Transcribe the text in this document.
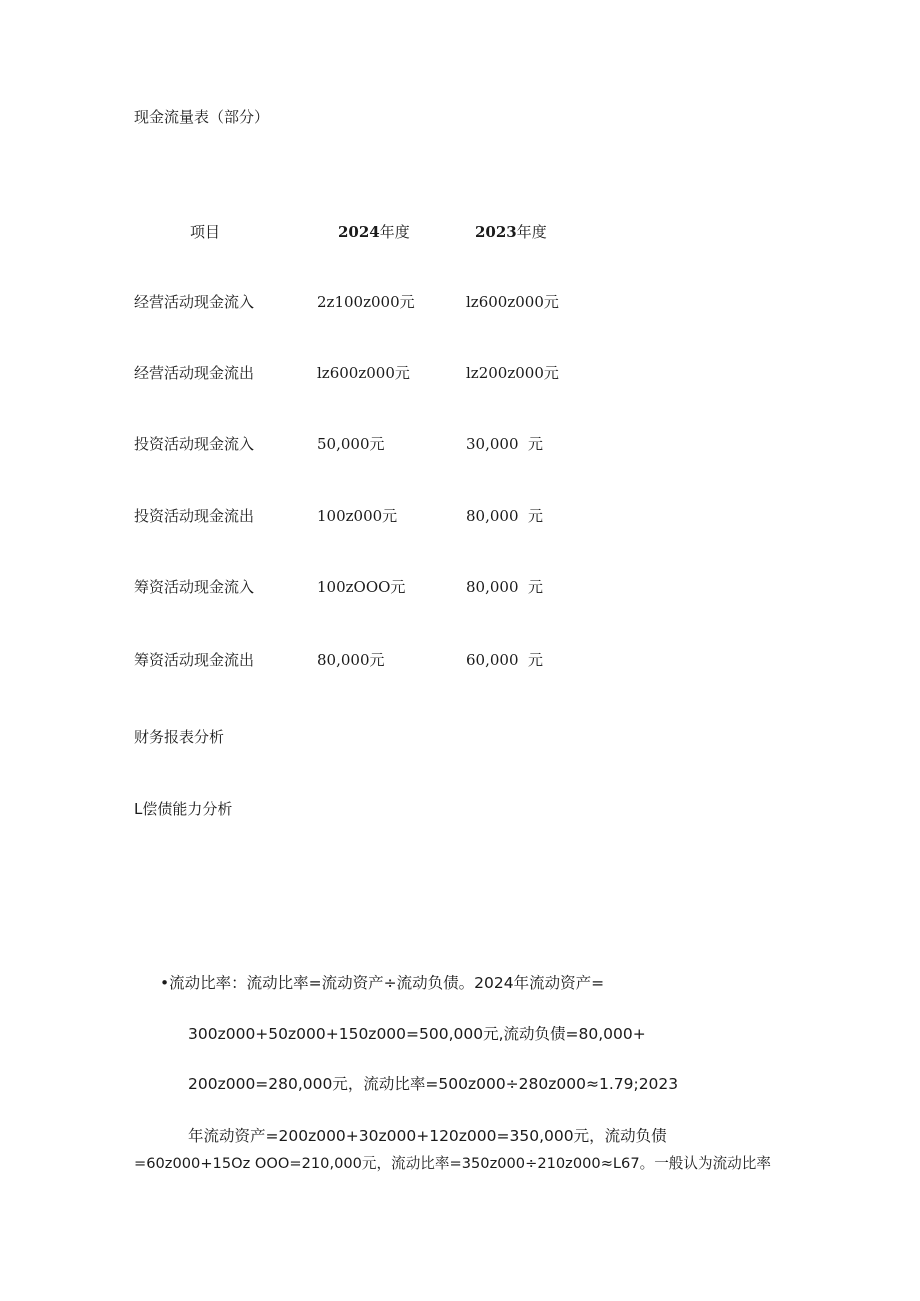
现金流量表（部分）
项目	2024年度	2023年度
经营活动现金流入	2z100z000元	lz600z000元
经营活动现金流出	lz600z000元	lz200z000元
投资活动现金流入	50,000元	30,000  元
投资活动现金流出	100z000元	80,000  元
筹资活动现金流入	100zOOO元	80,000  元
筹资活动现金流出	80,000元	60,000  元
财务报表分析
L偿债能力分析
•流动比率：流动比率=流动资产÷流动负债。2024年流动资产=
300z000+50z000+150z000=500,000元,流动负债=80,000+
200z000=280,000元，流动比率=500z000÷280z000≈1.79;2023
年流动资产=200z000+30z000+120z000=350,000元，流动负债
=60z000+15Oz OOO=210,000元，流动比率=350z000÷210z000≈L67。一般认为流动比率
